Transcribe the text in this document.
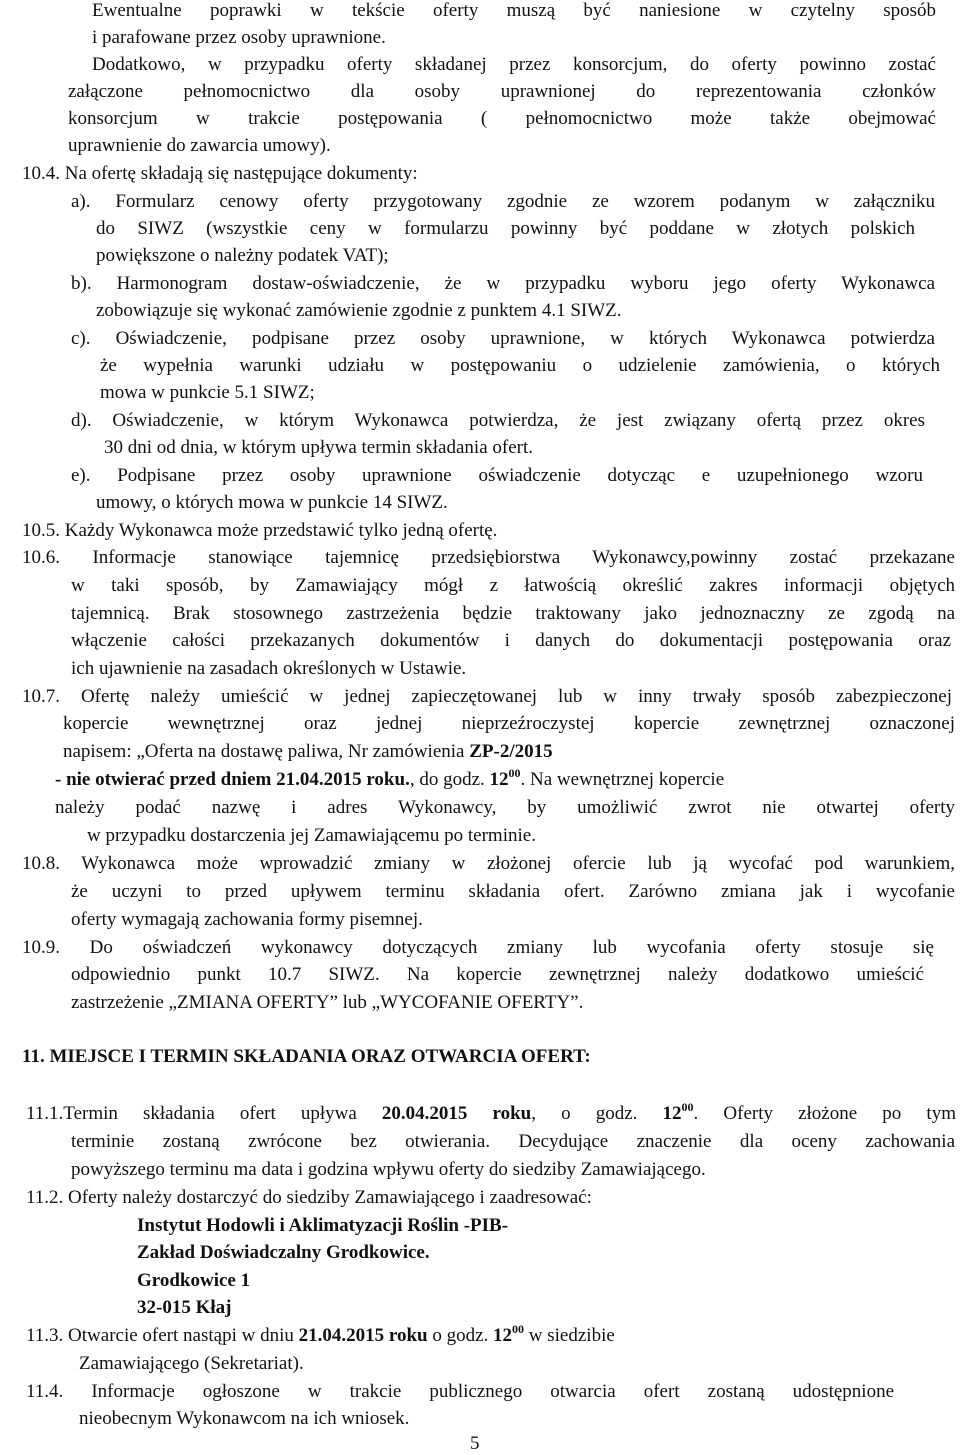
Ewentualne poprawki w tekście oferty muszą być naniesione w czytelny sposób
i parafowane przez osoby uprawnione.
Dodatkowo, w przypadku oferty składanej przez konsorcjum, do oferty powinno zostać
załączone pełnomocnictwo dla osoby uprawnionej do reprezentowania członków
konsorcjum w trakcie postępowania ( pełnomocnictwo może także obejmować
uprawnienie do zawarcia umowy).
10.4. Na ofertę składają się następujące dokumenty:
a). Formularz cenowy oferty przygotowany zgodnie ze wzorem podanym w załączniku
do SIWZ (wszystkie ceny w formularzu powinny być poddane w złotych polskich
powiększone o należny podatek VAT);
b). Harmonogram dostaw-oświadczenie, że w przypadku wyboru jego oferty Wykonawca
zobowiązuje się wykonać zamówienie zgodnie z punktem 4.1 SIWZ.
c). Oświadczenie, podpisane przez osoby uprawnione, w których Wykonawca potwierdza
że wypełnia warunki udziału w postępowaniu o udzielenie zamówienia, o których
mowa w punkcie 5.1 SIWZ;
d). Oświadczenie, w którym Wykonawca potwierdza, że jest związany ofertą przez okres
30 dni od dnia, w którym upływa termin składania ofert.
e). Podpisane przez osoby uprawnione oświadczenie dotycząc e uzupełnionego wzoru
umowy, o których mowa w punkcie 14 SIWZ.
10.5. Każdy Wykonawca może przedstawić tylko jedną ofertę.
10.6. Informacje stanowiące tajemnicę przedsiębiorstwa Wykonawcy,powinny zostać przekazane
w taki sposób, by Zamawiający mógł z łatwością określić zakres informacji objętych
tajemnicą. Brak stosownego zastrzeżenia będzie traktowany jako jednoznaczny ze zgodą na
włączenie całości przekazanych dokumentów i danych do dokumentacji postępowania oraz
ich ujawnienie na zasadach określonych w Ustawie.
10.7. Ofertę należy umieścić w jednej zapieczętowanej lub w inny trwały sposób zabezpieczonej
kopercie wewnętrznej oraz jednej nieprzeźroczystej kopercie zewnętrznej oznaczonej
napisem: „Oferta na dostawę paliwa, Nr zamówienia ZP-2/2015
- nie otwierać przed dniem 21.04.2015 roku., do godz. $12^{00}$. Na wewnętrznej kopercie
należy podać nazwę i adres Wykonawcy, by umożliwić zwrot nie otwartej oferty
w przypadku dostarczenia jej Zamawiającemu po terminie.
10.8. Wykonawca może wprowadzić zmiany w złożonej ofercie lub ją wycofać pod warunkiem,
że uczyni to przed upływem terminu składania ofert. Zarówno zmiana jak i wycofanie
oferty wymagają zachowania formy pisemnej.
10.9. Do oświadczeń wykonawcy dotyczących zmiany lub wycofania oferty stosuje się
odpowiednio punkt 10.7 SIWZ. Na kopercie zewnętrznej należy dodatkowo umieścić
zastrzeżenie „ZMIANA OFERTY” lub „WYCOFANIE OFERTY”.
11. MIEJSCE I TERMIN SKŁADANIA ORAZ OTWARCIA OFERT:
11.1.Termin składania ofert upływa 20.04.2015 roku, o godz. $12^{00}$. Oferty złożone po tym
terminie zostaną zwrócone bez otwierania. Decydujące znaczenie dla oceny zachowania
powyższego terminu ma data i godzina wpływu oferty do siedziby Zamawiającego.
11.2. Oferty należy dostarczyć do siedziby Zamawiającego i zaadresować:
Instytut Hodowli i Aklimatyzacji Roślin -PIB-
Zakład Doświadczalny Grodkowice.
Grodkowice 1
32-015 Kłaj
11.3. Otwarcie ofert nastąpi w dniu 21.04.2015 roku o godz. $12^{00}$ w siedzibie
Zamawiającego (Sekretariat).
11.4. Informacje ogłoszone w trakcie publicznego otwarcia ofert zostaną udostępnione
nieobecnym Wykonawcom na ich wniosek.
5
